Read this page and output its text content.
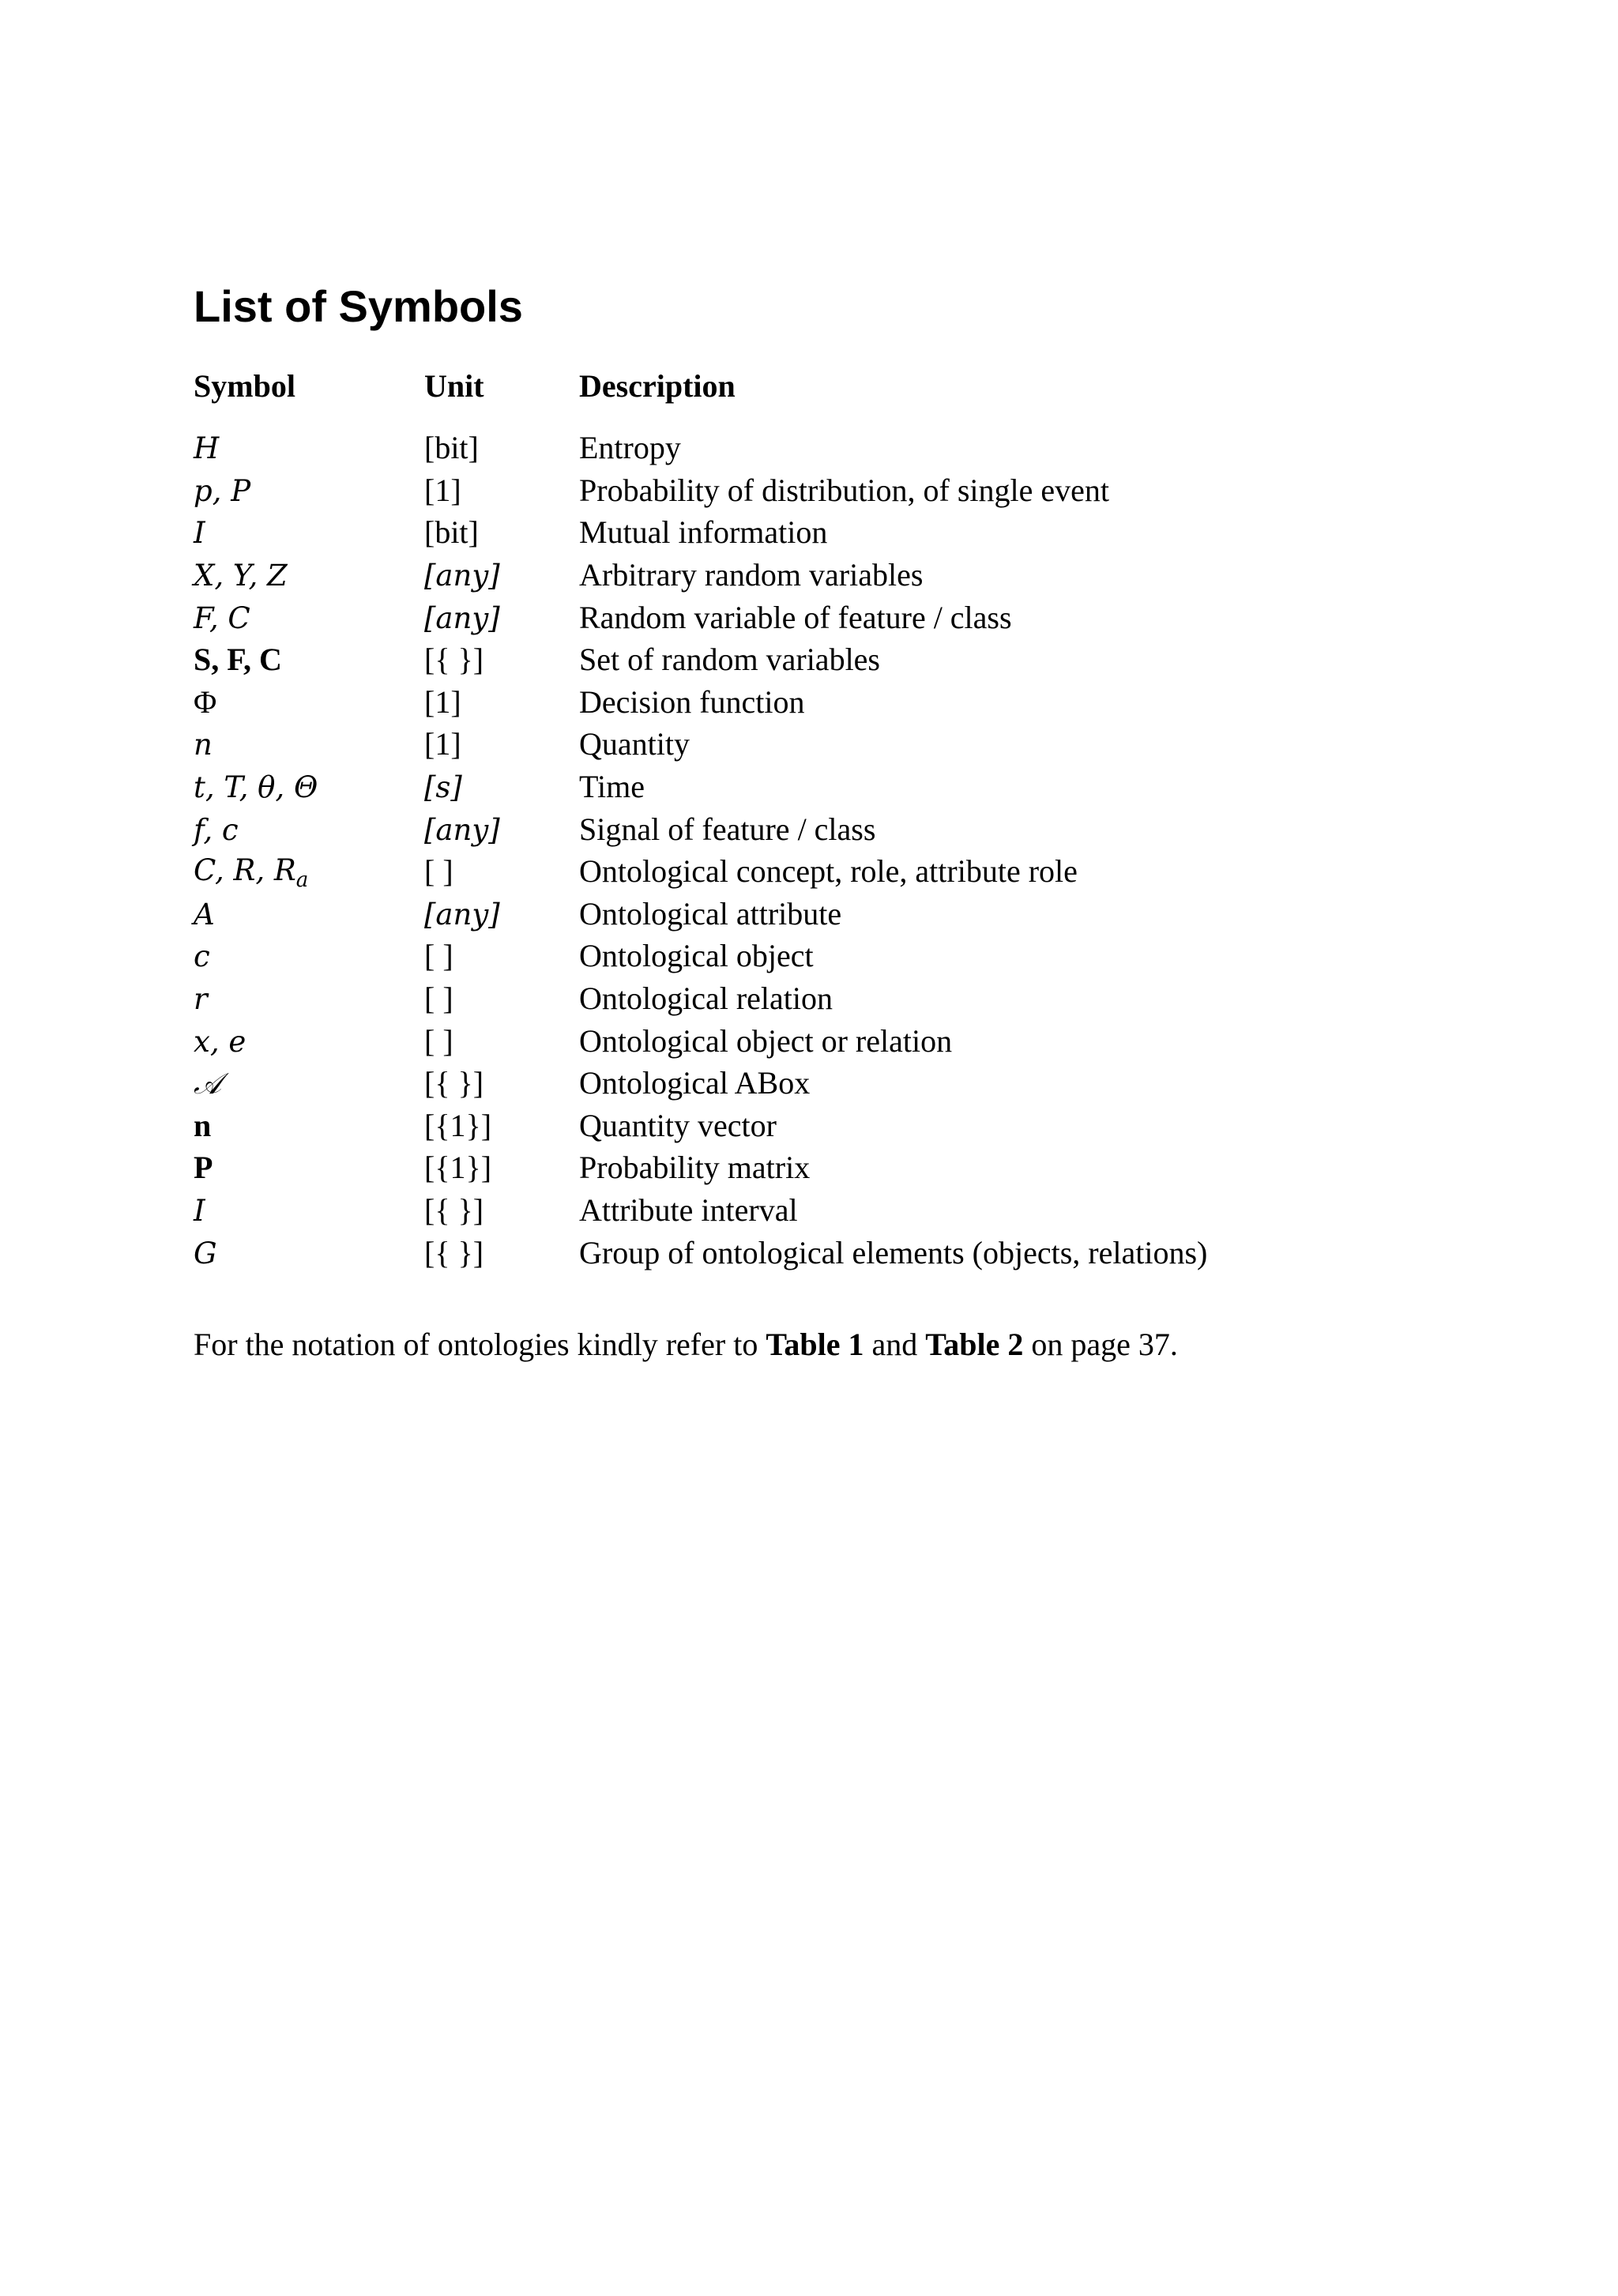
List of Symbols
Symbol	Unit	Description
H	[bit]	Entropy
p, P	[1]	Probability of distribution, of single event
I	[bit]	Mutual information
X, Y, Z	[any]	Arbitrary random variables
F, C	[any]	Random variable of feature / class
S, F, C	[{ }]	Set of random variables
Φ	[1]	Decision function
n	[1]	Quantity
t, T, θ, Θ	[s]	Time
f, c	[any]	Signal of feature / class
C, R, $R_a$	[ ]	Ontological concept, role, attribute role
A	[any]	Ontological attribute
c	[ ]	Ontological object
r	[ ]	Ontological relation
x, e	[ ]	Ontological object or relation
𝒜	[{ }]	Ontological ABox
n	[{1}]	Quantity vector
P	[{1}]	Probability matrix
I	[{ }]	Attribute interval
G	[{ }]	Group of ontological elements (objects, relations)

For the notation of ontologies kindly refer to Table 1 and Table 2 on page 37.
